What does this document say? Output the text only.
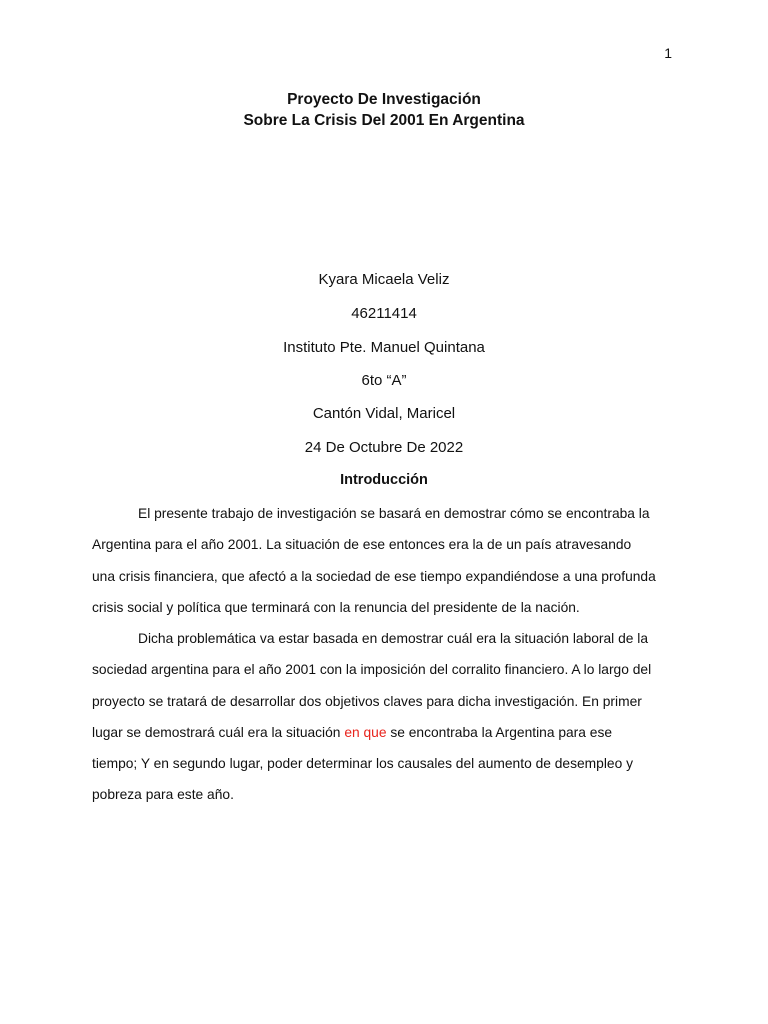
1
Proyecto De Investigación
Sobre La Crisis Del 2001 En Argentina
Kyara Micaela Veliz
46211414
Instituto Pte. Manuel Quintana
6to “A”
Cantón Vidal, Maricel
24 De Octubre De 2022
Introducción
El presente trabajo de investigación se basará en demostrar cómo se encontraba la
Argentina para el año 2001. La situación de ese entonces era la de un país atravesando
una crisis financiera, que afectó a la sociedad de ese tiempo expandiéndose a una profunda
crisis social y política que terminará con la renuncia del presidente de la nación.
Dicha problemática va estar basada en demostrar cuál era la situación laboral de la
sociedad argentina para el año 2001 con la imposición del corralito financiero. A lo largo del
proyecto se tratará de desarrollar dos objetivos claves para dicha investigación. En primer
lugar se demostrará cuál era la situación en que se encontraba la Argentina para ese
tiempo; Y en segundo lugar, poder determinar los causales del aumento de desempleo y
pobreza para este año.
